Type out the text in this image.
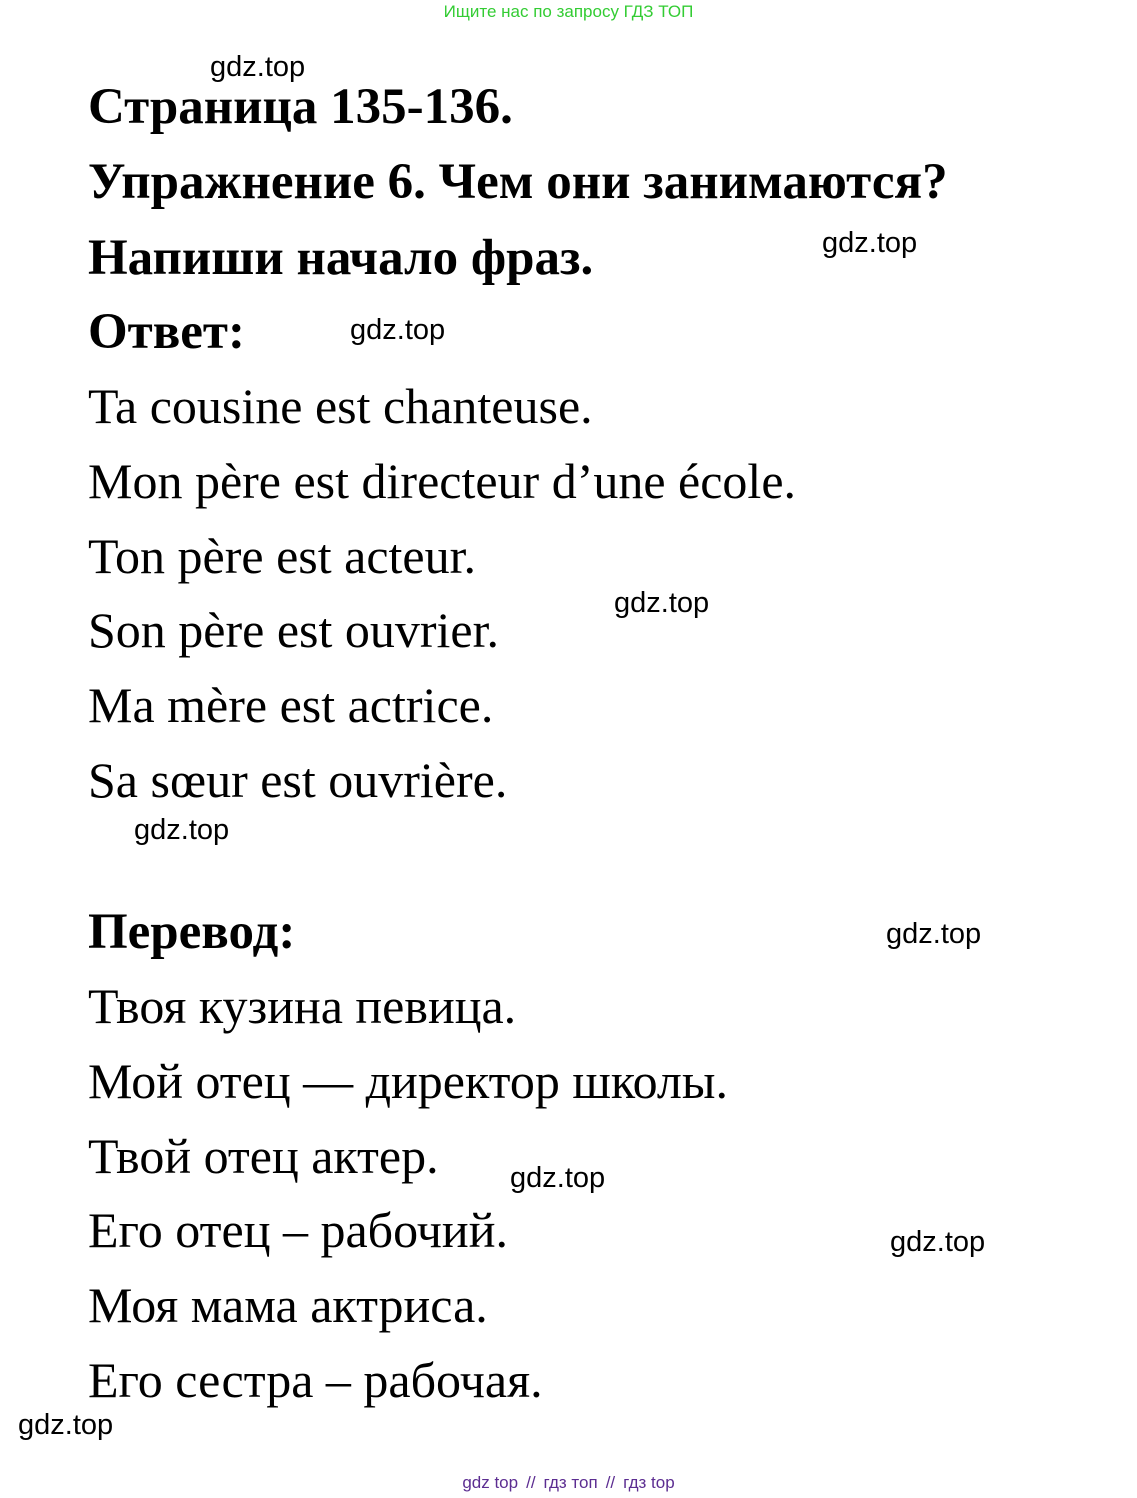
Ищите нас по запросу ГДЗ ТОП
gdz.top
Страница 135-136.
Упражнение 6. Чем они занимаются?
Напиши начало фраз.	gdz.top
Ответ:	gdz.top
Ta cousine est chanteuse.
Mon père est directeur d’une école.
Ton père est acteur.
gdz.top
Son père est ouvrier.
Ma mère est actrice.
Sa sœur est ouvrière.
gdz.top
Перевод:	gdz.top
Твоя кузина певица.
Мой отец — директор школы.
Твой отец актер. gdz.top
Его отец – рабочий.	gdz.top
Моя мама актриса.
Его сестра – рабочая.
gdz.top
gdz top // гдз топ // гдз top
